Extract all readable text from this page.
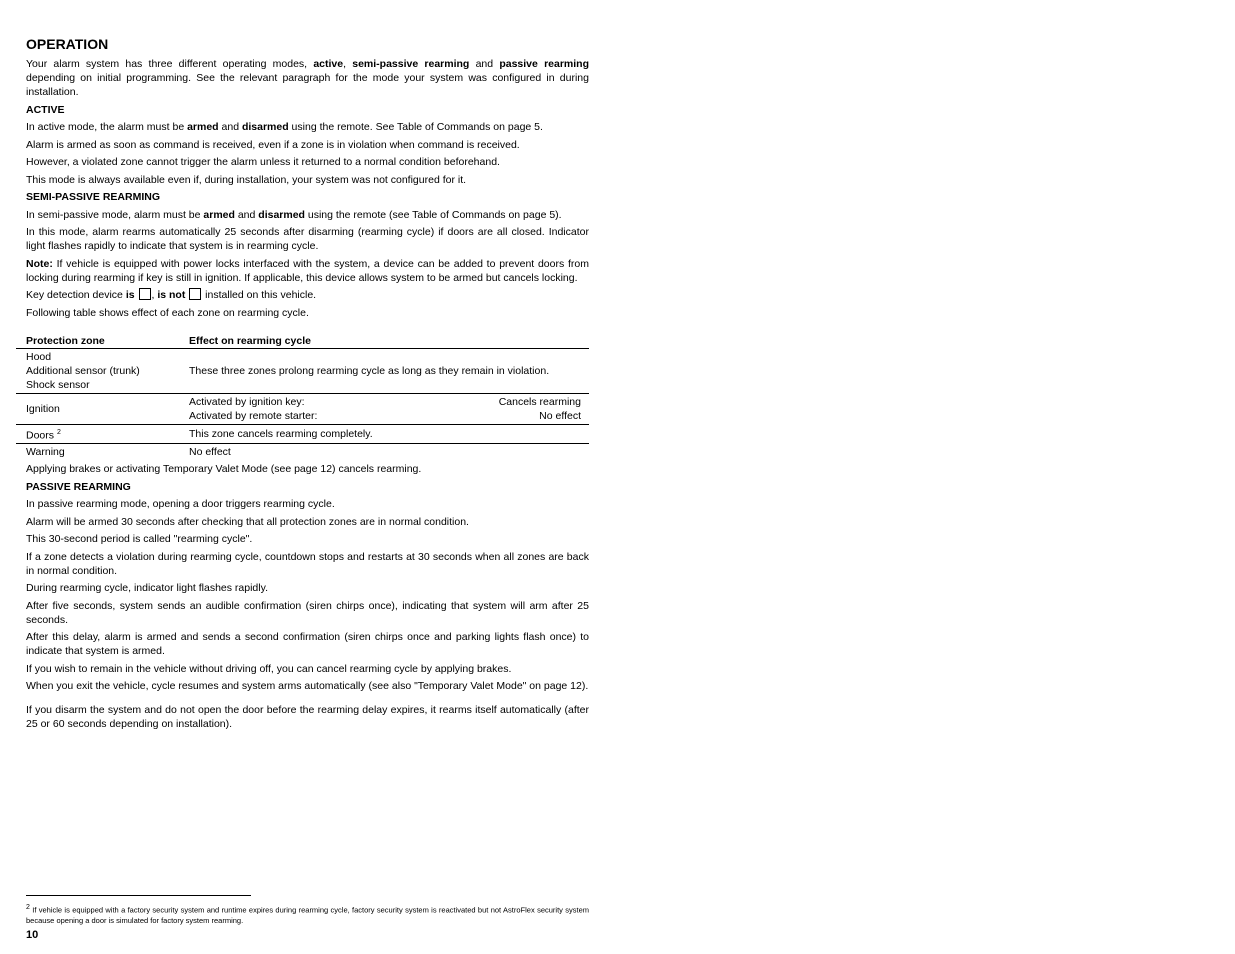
OPERATION

Your alarm system has three different operating modes, active, semi-passive rearming and passive rearming depending on initial programming. See the relevant paragraph for the mode your system was configured in during installation.

ACTIVE

In active mode, the alarm must be armed and disarmed using the remote. See Table of Commands on page 5.

Alarm is armed as soon as command is received, even if a zone is in violation when command is received.

However, a violated zone cannot trigger the alarm unless it returned to a normal condition beforehand.

This mode is always available even if, during installation, your system was not configured for it.

SEMI-PASSIVE REARMING

In semi-passive mode, alarm must be armed and disarmed using the remote (see Table of Commands on page 5).

In this mode, alarm rearms automatically 25 seconds after disarming (rearming cycle) if doors are all closed. Indicator light flashes rapidly to indicate that system is in rearming cycle.

Note: If vehicle is equipped with power locks interfaced with the system, a device can be added to prevent doors from locking during rearming if key is still in ignition. If applicable, this device allows system to be armed but cancels locking.

Key detection device is , is not  installed on this vehicle.

Following table shows effect of each zone on rearming cycle.

Protection zone	Effect on rearming cycle

Hood
Additional sensor (trunk)
Shock sensor	These three zones prolong rearming cycle as long as they remain in violation.
Ignition	Activated by ignition key: Cancels rearming
Activated by remote starter: No effect

Doors $^2$	This zone cancels rearming completely.
Warning	No effect

Applying brakes or activating Temporary Valet Mode (see page 12) cancels rearming.

PASSIVE REARMING

In passive rearming mode, opening a door triggers rearming cycle.

Alarm will be armed 30 seconds after checking that all protection zones are in normal condition.

This 30-second period is called "rearming cycle".

If a zone detects a violation during rearming cycle, countdown stops and restarts at 30 seconds when all zones are back in normal condition.

During rearming cycle, indicator light flashes rapidly.

After five seconds, system sends an audible confirmation (siren chirps once), indicating that system will arm after 25 seconds.

After this delay, alarm is armed and sends a second confirmation (siren chirps once and parking lights flash once) to indicate that system is armed.

If you wish to remain in the vehicle without driving off, you can cancel rearming cycle by applying brakes.

When you exit the vehicle, cycle resumes and system arms automatically (see also "Temporary Valet Mode" on page 12).

If you disarm the system and do not open the door before the rearming delay expires, it rearms itself automatically (after 25 or 60 seconds depending on installation).

$^2$ If vehicle is equipped with a factory security system and runtime expires during rearming cycle, factory security system is reactivated but not AstroFlex security system because opening a door is simulated for factory system rearming.
10
